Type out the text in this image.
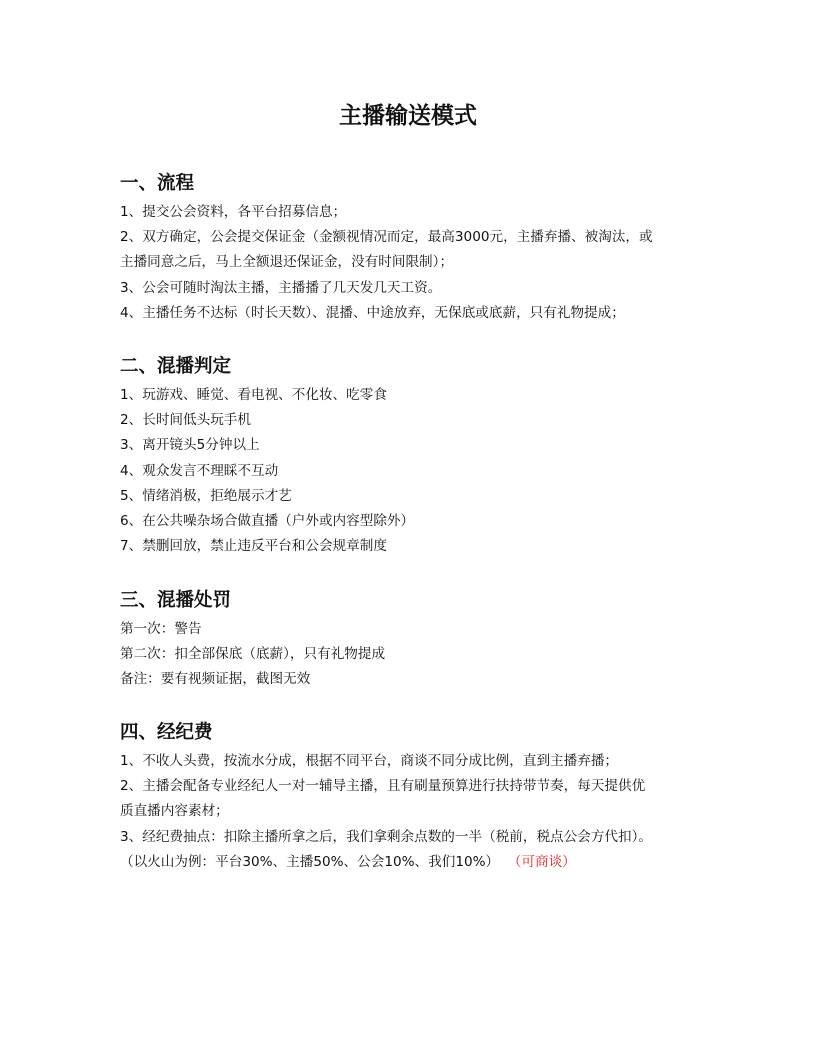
主播输送模式
一、流程

1、提交公会资料，各平台招募信息；

2、双方确定，公会提交保证金（金额视情况而定，最高3000元，主播弃播、被淘汰，或

主播同意之后，马上全额退还保证金，没有时间限制）；

3、公会可随时淘汰主播，主播播了几天发几天工资。

4、主播任务不达标（时长天数）、混播、中途放弃，无保底或底薪，只有礼物提成；

二、混播判定

1、玩游戏、睡觉、看电视、不化妆、吃零食

2、长时间低头玩手机

3、离开镜头5分钟以上

4、观众发言不理睬不互动

5、情绪消极，拒绝展示才艺

6、在公共噪杂场合做直播（户外或内容型除外）

7、禁删回放，禁止违反平台和公会规章制度

三、混播处罚

第一次：警告

第二次：扣全部保底（底薪），只有礼物提成

备注：要有视频证据，截图无效

四、经纪费

1、不收人头费，按流水分成，根据不同平台，商谈不同分成比例，直到主播弃播；

2、主播会配备专业经纪人一对一辅导主播，且有刷量预算进行扶持带节奏，每天提供优

质直播内容素材；

3、经纪费抽点：扣除主播所拿之后，我们拿剩余点数的一半（税前，税点公会方代扣）。

（以火山为例：平台30%、主播50%、公会10%、我们10%） （可商谈）
